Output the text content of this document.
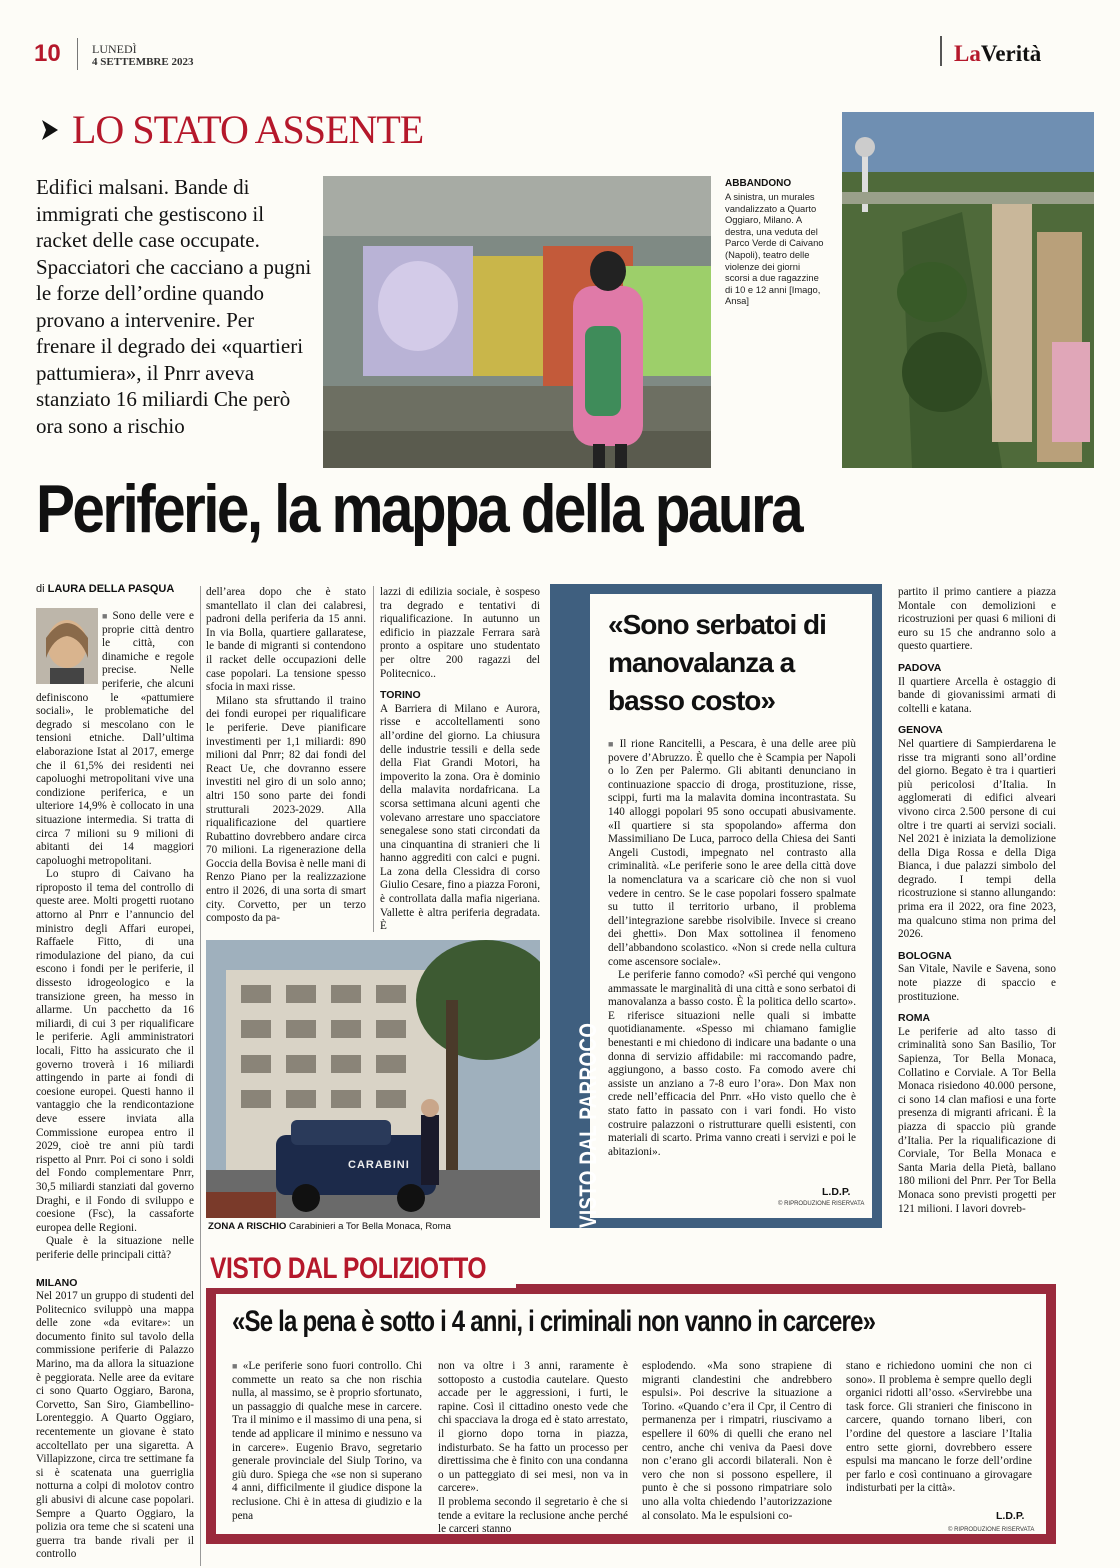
10	LUNEDÌ
4 SETTEMBRE 2023	LaVerità
LO STATO ASSENTE
Edifici malsani. Bande di immigrati che gestiscono il racket delle case occupate. Spacciatori che cacciano a pugni le forze dell’ordine quando provano a intervenire. Per frenare il degrado dei «quartieri pattumiera», il Pnrr aveva stanziato 16 miliardi Che però ora sono a rischio
ABBANDONO
A sinistra, un murales vandalizzato a Quarto Oggiaro, Milano. A destra, una veduta del Parco Verde di Caivano (Napoli), teatro delle violenze dei giorni scorsi a due ragazzine di 10 e 12 anni [Imago, Ansa]
Periferie, la mappa della paura
di LAURA DELLA PASQUA

■ Sono delle vere e proprie città dentro le città, con dinamiche e regole precise. Nelle periferie, che alcuni definiscono le «pattumiere sociali», le problematiche del degrado si mescolano con le tensioni etniche. Dall’ultima elaborazione Istat al 2017, emerge che il 61,5% dei residenti nei capoluoghi metropolitani vive una condizione periferica, e un ulteriore 14,9% è collocato in una situazione intermedia. Si tratta di circa 7 milioni su 9 milioni di abitanti dei 14 maggiori capoluoghi metropolitani.

Lo stupro di Caivano ha riproposto il tema del controllo di queste aree. Molti progetti ruotano attorno al Pnrr e l’annuncio del ministro degli Affari europei, Raffaele Fitto, di una rimodulazione del piano, da cui escono i fondi per le periferie, il dissesto idrogeologico e la transizione green, ha messo in allarme. Un pacchetto da 16 miliardi, di cui 3 per riqualificare le periferie. Agli amministratori locali, Fitto ha assicurato che il governo troverà i 16 miliardi attingendo in parte ai fondi di coesione europei. Questi hanno il vantaggio che la rendicontazione deve essere inviata alla Commissione europea entro il 2029, cioè tre anni più tardi rispetto al Pnrr. Poi ci sono i soldi del Fondo complementare Pnrr, 30,5 miliardi stanziati dal governo Draghi, e il Fondo di sviluppo e coesione (Fsc), la cassaforte europea delle Regioni.

Quale è la situazione nelle periferie delle principali città?

MILANO

Nel 2017 un gruppo di studenti del Politecnico sviluppò una mappa delle zone «da evitare»: un documento finito sul tavolo della commissione periferie di Palazzo Marino, ma da allora la situazione è peggiorata. Nelle aree da evitare ci sono Quarto Oggiaro, Barona, Corvetto, San Siro, Giambellino-Lorenteggio. A Quarto Oggiaro, recentemente un giovane è stato accoltellato per una sigaretta. A Villapizzone, circa tre settimane fa si è scatenata una guerriglia notturna a colpi di molotov contro gli abusivi di alcune case popolari. Sempre a Quarto Oggiaro, la polizia ora teme che si scateni una guerra tra bande rivali per il controllo

dell’area dopo che è stato smantellato il clan dei calabresi, padroni della periferia da 15 anni. In via Bolla, quartiere gallaratese, le bande di migranti si contendono il racket delle occupazioni delle case popolari. La tensione spesso sfocia in maxi risse.

Milano sta sfruttando il traino dei fondi europei per riqualificare le periferie. Deve pianificare investimenti per 1,1 miliardi: 890 milioni dal Pnrr; 82 dai fondi del React Ue, che dovranno essere investiti nel giro di un solo anno; altri 150 sono parte dei fondi strutturali 2023-2029. Alla riqualificazione del quartiere Rubattino dovrebbero andare circa 70 milioni. La rigenerazione della Goccia della Bovisa è nelle mani di Renzo Piano per la realizzazione entro il 2026, di una sorta di smart city. Corvetto, per un terzo composto da pa-

lazzi di edilizia sociale, è sospeso tra degrado e tentativi di riqualificazione. In autunno un edificio in piazzale Ferrara sarà pronto a ospitare uno studentato per oltre 200 ragazzi del Politecnico..

TORINO

A Barriera di Milano e Aurora, risse e accoltellamenti sono all’ordine del giorno. La chiusura delle industrie tessili e della sede della Fiat Grandi Motori, ha impoverito la zona. Ora è dominio della malavita nordafricana. La scorsa settimana alcuni agenti che volevano arrestare uno spacciatore senegalese sono stati circondati da una cinquantina di stranieri che li hanno aggrediti con calci e pugni. La zona della Clessidra di corso Giulio Cesare, fino a piazza Foroni, è controllata dalla mafia nigeriana. Vallette è altra periferia degradata. È

CARABINI
ZONA A RISCHIO Carabinieri a Tor Bella Monaca, Roma	VISTO DAL PARROCO
«Sono serbatoi di manovalanza a basso costo»

■ Il rione Rancitelli, a Pescara, è una delle aree più povere d’Abruzzo. È quello che è Scampia per Napoli o lo Zen per Palermo. Gli abitanti denunciano in continuazione spaccio di droga, prostituzione, risse, scippi, furti ma la malavita domina incontrastata. Su 140 alloggi popolari 95 sono occupati abusivamente. «Il quartiere si sta spopolando» afferma don Massimiliano De Luca, parroco della Chiesa dei Santi Angeli Custodi, impegnato nel contrasto alla criminalità. «Le periferie sono le aree della città dove la nomenclatura va a scaricare ciò che non si vuol vedere in centro. Se le case popolari fossero spalmate su tutto il territorio urbano, il problema dell’integrazione sarebbe risolvibile. Invece si creano dei ghetti». Don Max sottolinea il fenomeno dell’abbandono scolastico. «Non si crede nella cultura come ascensore sociale».

Le periferie fanno comodo? «Sì perché qui vengono ammassate le marginalità di una città e sono serbatoi di manovalanza a basso costo. È la politica dello scarto». E riferisce situazioni nelle quali si imbatte quotidianamente. «Spesso mi chiamano famiglie benestanti e mi chiedono di indicare una badante o una donna di servizio affidabile: mi raccomando padre, aggiungono, a basso costo. Fa comodo avere chi assiste un anziano a 7-8 euro l’ora». Don Max non crede nell’efficacia del Pnrr. «Ho visto quello che è stato fatto in passato con i vari fondi. Ho visto costruire palazzoni o ristrutturare quelli esistenti, con materiali di scarto. Prima vanno creati i servizi e poi le abitazioni».

L.D.P.
© RIPRODUZIONE RISERVATA

partito il primo cantiere a piazza Montale con demolizioni e ricostruzioni per quasi 6 milioni di euro su 15 che andranno solo a questo quartiere.

PADOVA

Il quartiere Arcella è ostaggio di bande di giovanissimi armati di coltelli e katana.

GENOVA

Nel quartiere di Sampierdarena le risse tra migranti sono all’ordine del giorno. Begato è tra i quartieri più pericolosi d’Italia. In agglomerati di edifici alveari vivono circa 2.500 persone di cui oltre i tre quarti ai servizi sociali. Nel 2021 è iniziata la demolizione della Diga Rossa e della Diga Bianca, i due palazzi simbolo del degrado. I tempi della ricostruzione si stanno allungando: prima era il 2022, ora fine 2023, ma qualcuno stima non prima del 2026.

BOLOGNA

San Vitale, Navile e Savena, sono note piazze di spaccio e prostituzione.

ROMA

Le periferie ad alto tasso di criminalità sono San Basilio, Tor Sapienza, Tor Bella Monaca, Collatino e Corviale. A Tor Bella Monaca risiedono 40.000 persone, ci sono 14 clan mafiosi e una forte presenza di migranti africani. È la piazza di spaccio più grande d’Italia. Per la riqualificazione di Corviale, Tor Bella Monaca e Santa Maria della Pietà, ballano 180 milioni del Pnrr. Per Tor Bella Monaca sono previsti progetti per 121 milioni. I lavori dovreb-

VISTO DAL POLIZIOTTO
«Se la pena è sotto i 4 anni, i criminali non vanno in carcere»

■ «Le periferie sono fuori controllo. Chi commette un reato sa che non rischia nulla, al massimo, se è proprio sfortunato, un passaggio di qualche mese in carcere. Tra il minimo e il massimo di una pena, si tende ad applicare il minimo e nessuno va in carcere». Eugenio Bravo, segretario generale provinciale del Siulp Torino, va giù duro. Spiega che «se non si superano 4 anni, difficilmente il giudice dispone la reclusione. Chi è in attesa di giudizio e la pena

non va oltre i 3 anni, raramente è sottoposto a custodia cautelare. Questo accade per le aggressioni, i furti, le rapine. Così il cittadino onesto vede che chi spacciava la droga ed è stato arrestato, il giorno dopo torna in piazza, indisturbato. Se ha fatto un processo per direttissima che è finito con una condanna o un patteggiato di sei mesi, non va in carcere».
Il problema secondo il segretario è che si tende a evitare la reclusione anche perché le carceri stanno

esplodendo. «Ma sono strapiene di migranti clandestini che andrebbero espulsi». Poi descrive la situazione a Torino. «Quando c’era il Cpr, il Centro di permanenza per i rimpatri, riuscivamo a espellere il 60% di quelli che erano nel centro, anche chi veniva da Paesi dove non c’erano gli accordi bilaterali. Non è vero che non si possono espellere, il punto è che si possono rimpatriare solo uno alla volta chiedendo l’autorizzazione al consolato. Ma le espulsioni co-

stano e richiedono uomini che non ci sono». Il problema è sempre quello degli organici ridotti all’osso. «Servirebbe una task force. Gli stranieri che finiscono in carcere, quando tornano liberi, con l’ordine del questore a lasciare l’Italia entro sette giorni, dovrebbero essere espulsi ma mancano le forze dell’ordine per farlo e così continuano a girovagare indisturbati per la città».

L.D.P.
© RIPRODUZIONE RISERVATA
